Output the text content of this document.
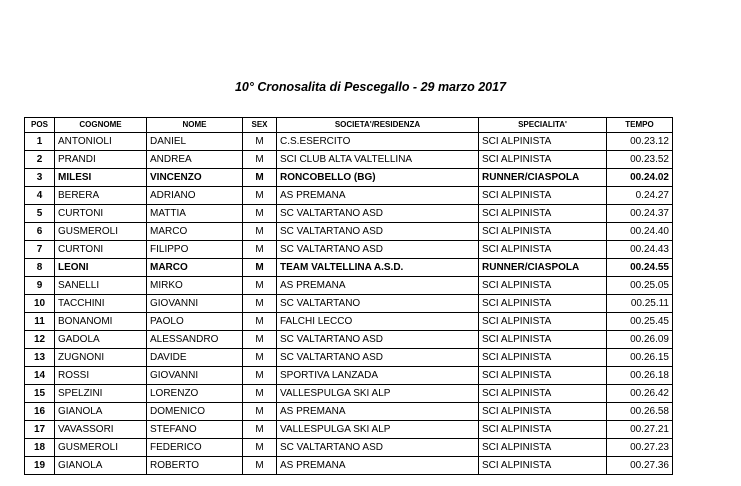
10° Cronosalita di Pescegallo - 29 marzo 2017
POS	COGNOME	NOME	SEX	SOCIETA'/RESIDENZA	SPECIALITA'	TEMPO
1	ANTONIOLI	DANIEL	M	C.S.ESERCITO	SCI ALPINISTA	00.23.12
2	PRANDI	ANDREA	M	SCI CLUB ALTA VALTELLINA	SCI ALPINISTA	00.23.52
3	MILESI	VINCENZO	M	RONCOBELLO (BG)	RUNNER/CIASPOLA	00.24.02
4	BERERA	ADRIANO	M	AS PREMANA	SCI ALPINISTA	0.24.27
5	CURTONI	MATTIA	M	SC VALTARTANO ASD	SCI ALPINISTA	00.24.37
6	GUSMEROLI	MARCO	M	SC VALTARTANO ASD	SCI ALPINISTA	00.24.40
7	CURTONI	FILIPPO	M	SC VALTARTANO ASD	SCI ALPINISTA	00.24.43
8	LEONI	MARCO	M	TEAM VALTELLINA A.S.D.	RUNNER/CIASPOLA	00.24.55
9	SANELLI	MIRKO	M	AS PREMANA	SCI ALPINISTA	00.25.05
10	TACCHINI	GIOVANNI	M	SC VALTARTANO	SCI ALPINISTA	00.25.11
11	BONANOMI	PAOLO	M	FALCHI LECCO	SCI ALPINISTA	00.25.45
12	GADOLA	ALESSANDRO	M	SC VALTARTANO ASD	SCI ALPINISTA	00.26.09
13	ZUGNONI	DAVIDE	M	SC VALTARTANO ASD	SCI ALPINISTA	00.26.15
14	ROSSI	GIOVANNI	M	SPORTIVA LANZADA	SCI ALPINISTA	00.26.18
15	SPELZINI	LORENZO	M	VALLESPULGA SKI ALP	SCI ALPINISTA	00.26.42
16	GIANOLA	DOMENICO	M	AS PREMANA	SCI ALPINISTA	00.26.58
17	VAVASSORI	STEFANO	M	VALLESPULGA SKI ALP	SCI ALPINISTA	00.27.21
18	GUSMEROLI	FEDERICO	M	SC VALTARTANO ASD	SCI ALPINISTA	00.27.23
19	GIANOLA	ROBERTO	M	AS PREMANA	SCI ALPINISTA	00.27.36
